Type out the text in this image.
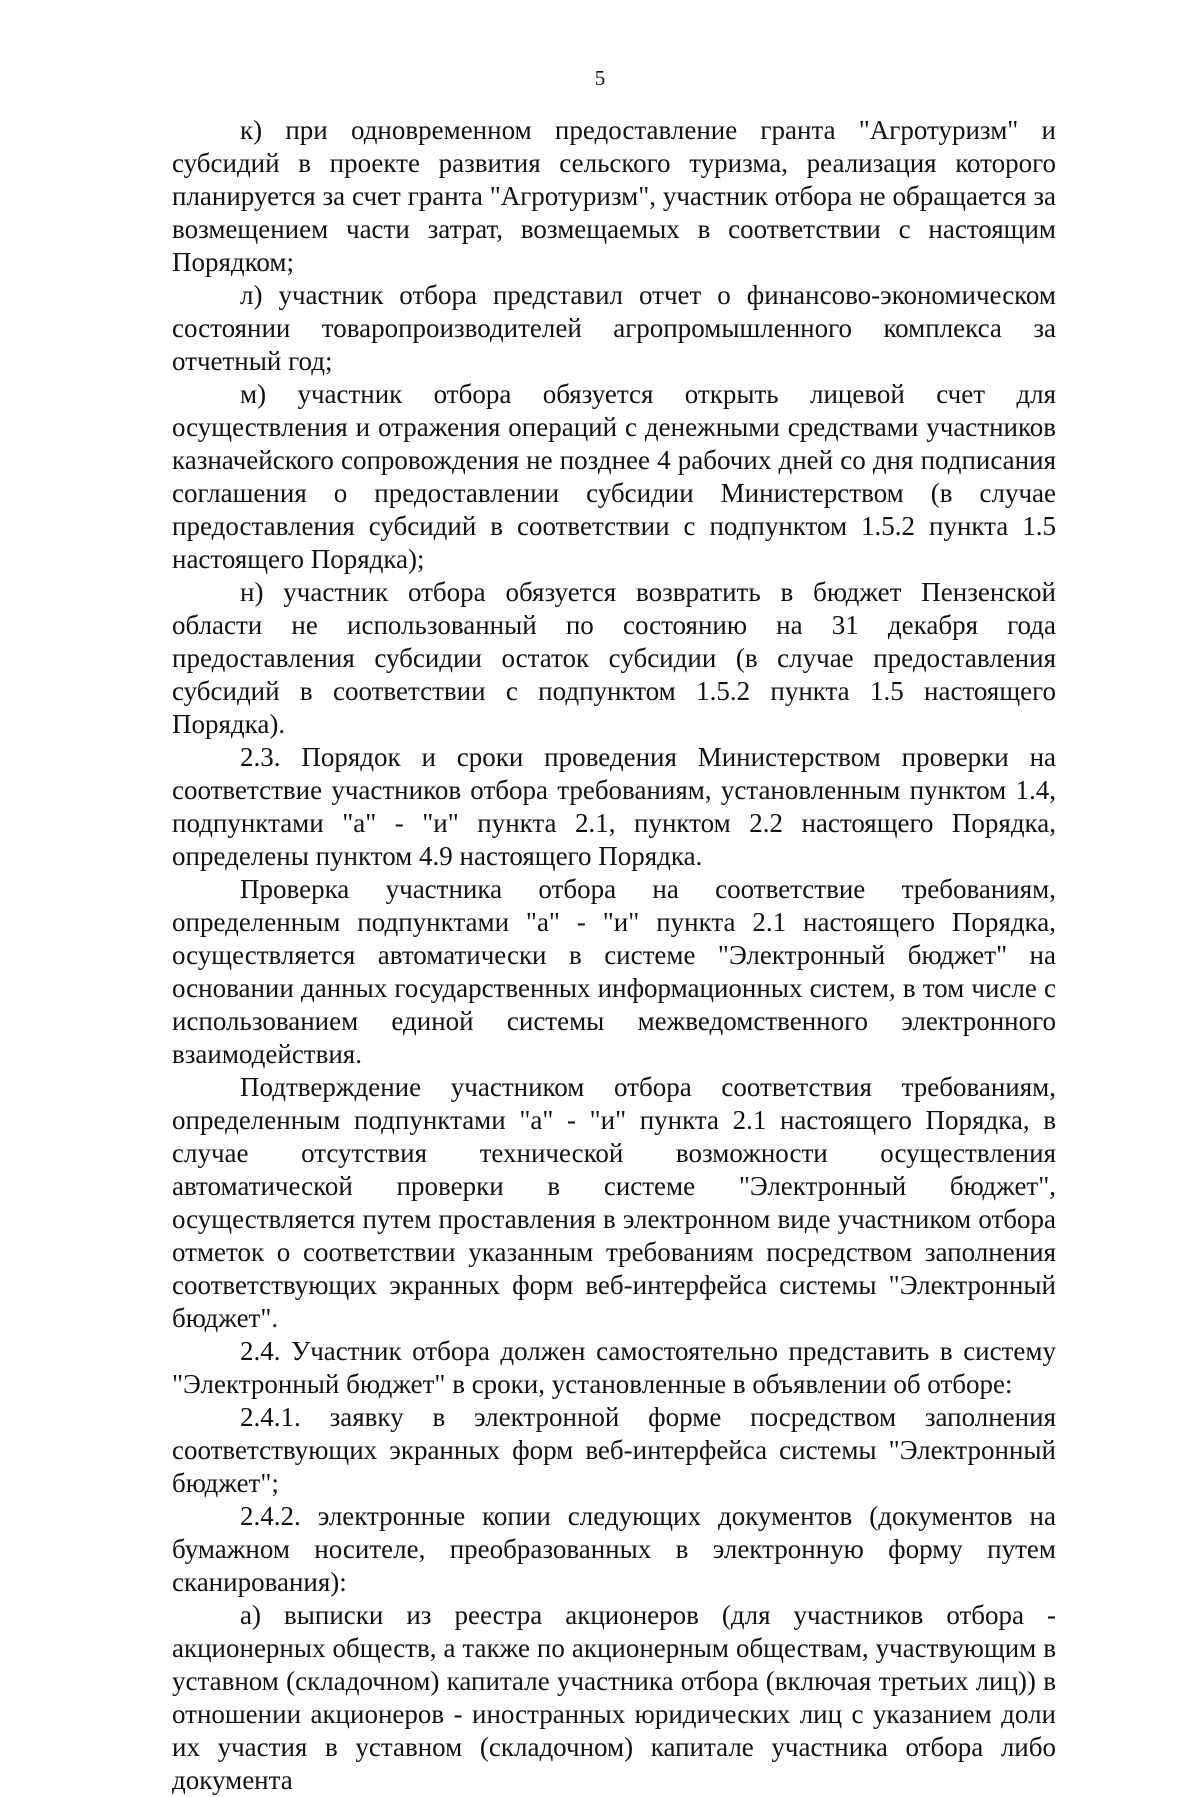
5

к) при одновременном предоставление гранта "Агротуризм" и субсидий в проекте развития сельского туризма, реализация которого планируется за счет гранта "Агротуризм", участник отбора не обращается за возмещением части затрат, возмещаемых в соответствии с настоящим Порядком;

л) участник отбора представил отчет о финансово-экономическом состоянии товаропроизводителей агропромышленного комплекса за отчетный год;

м) участник отбора обязуется открыть лицевой счет для осуществления и отражения операций с денежными средствами участников казначейского сопровождения не позднее 4 рабочих дней со дня подписания соглашения о предоставлении субсидии Министерством (в случае предоставления субсидий в соответствии с подпунктом 1.5.2 пункта 1.5 настоящего Порядка);

н) участник отбора обязуется возвратить в бюджет Пензенской области не использованный по состоянию на 31 декабря года предоставления субсидии остаток субсидии (в случае предоставления субсидий в соответствии с подпунктом 1.5.2 пункта 1.5 настоящего Порядка).

2.3. Порядок и сроки проведения Министерством проверки на соответствие участников отбора требованиям, установленным пунктом 1.4, подпунктами "а" - "и" пункта 2.1, пунктом 2.2 настоящего Порядка, определены пунктом 4.9 настоящего Порядка.

Проверка участника отбора на соответствие требованиям, определенным подпунктами "а" - "и" пункта 2.1 настоящего Порядка, осуществляется автоматически в системе "Электронный бюджет" на основании данных государственных информационных систем, в том числе с использованием единой системы межведомственного электронного взаимодействия.

Подтверждение участником отбора соответствия требованиям, определенным подпунктами "а" - "и" пункта 2.1 настоящего Порядка, в случае отсутствия технической возможности осуществления автоматической проверки в системе "Электронный бюджет", осуществляется путем проставления в электронном виде участником отбора отметок о соответствии указанным требованиям посредством заполнения соответствующих экранных форм веб-интерфейса системы "Электронный бюджет".

2.4. Участник отбора должен самостоятельно представить в систему "Электронный бюджет" в сроки, установленные в объявлении об отборе:

2.4.1. заявку в электронной форме посредством заполнения соответствующих экранных форм веб-интерфейса системы "Электронный бюджет";

2.4.2. электронные копии следующих документов (документов на бумажном носителе, преобразованных в электронную форму путем сканирования):

а) выписки из реестра акционеров (для участников отбора - акционерных обществ, а также по акционерным обществам, участвующим в уставном (складочном) капитале участника отбора (включая третьих лиц)) в отношении акционеров - иностранных юридических лиц с указанием доли их участия в уставном (складочном) капитале участника отбора либо документа
